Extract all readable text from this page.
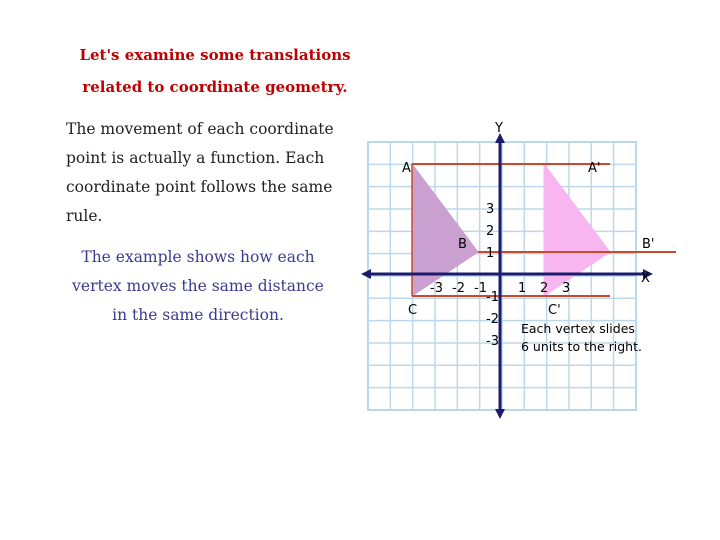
Let's examine some translations

related to coordinate geometry.

The movement of each coordinate point is actually a function. Each coordinate point follows the same rule.

The example shows how each vertex moves the same distance in the same direction.

X
Y
-3 -2 -1 1 2 3
3
2
1
-1
-2
-3
A
B
C
A'
B'
C'
Each vertex slides
6 units to the right.
